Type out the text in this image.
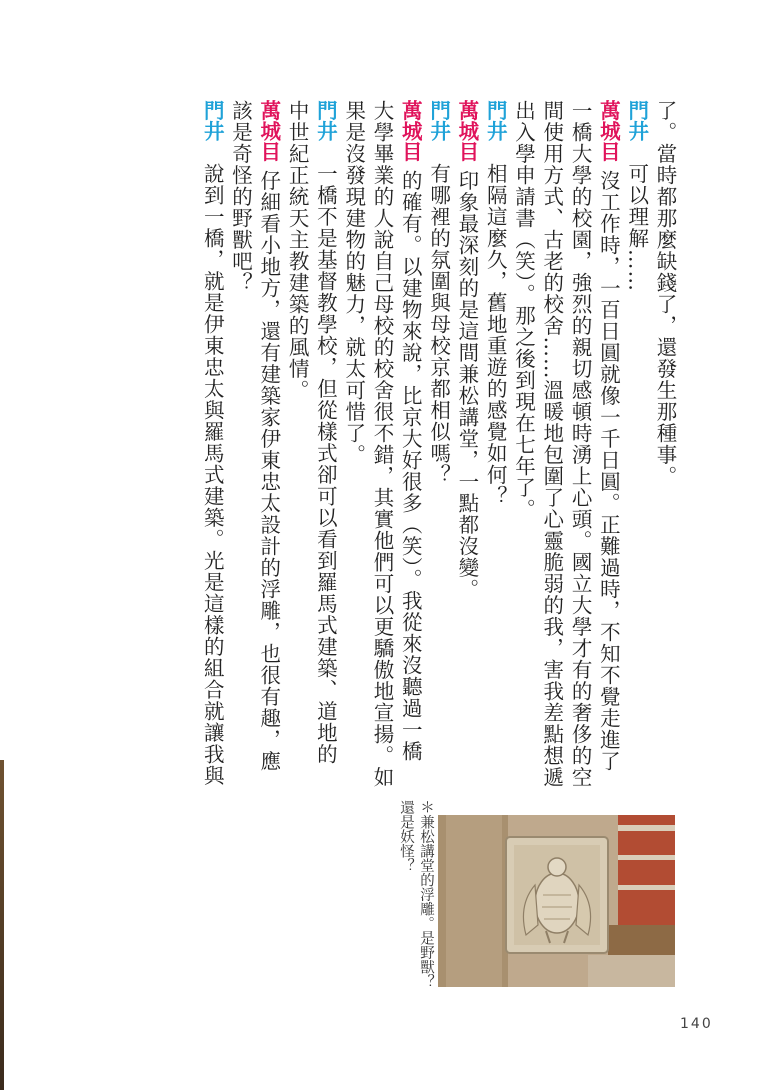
了。當時都那麼缺錢了，還發生那種事。
門井可以理解……
萬城目沒工作時，一百日圓就像一千日圓。正難過時，不知不覺走進了
一橋大學的校園，強烈的親切感頓時湧上心頭。國立大學才有的奢侈的空
間使用方式、古老的校舍……溫暖地包圍了心靈脆弱的我，害我差點想遞
出入學申請書（笑）。那之後到現在七年了。
門井相隔這麼久，舊地重遊的感覺如何？
萬城目印象最深刻的是這間兼松講堂，一點都沒變。
門井有哪裡的氛圍與母校京都相似嗎？
萬城目的確有。以建物來說，比京大好很多（笑）。我從來沒聽過一橋
大學畢業的人說自己母校的校舍很不錯，其實他們可以更驕傲地宣揚。如
果是沒發現建物的魅力，就太可惜了。
門井一橋不是基督教學校，但從樣式卻可以看到羅馬式建築、道地的
中世紀正統天主教建築的風情。
萬城目仔細看小地方，還有建築家伊東忠太設計的浮雕，也很有趣，應
該是奇怪的野獸吧？
門井說到一橋，就是伊東忠太與羅馬式建築。光是這樣的組合就讓我與
＊兼松講堂的浮雕。是野獸？
還是妖怪？
140
